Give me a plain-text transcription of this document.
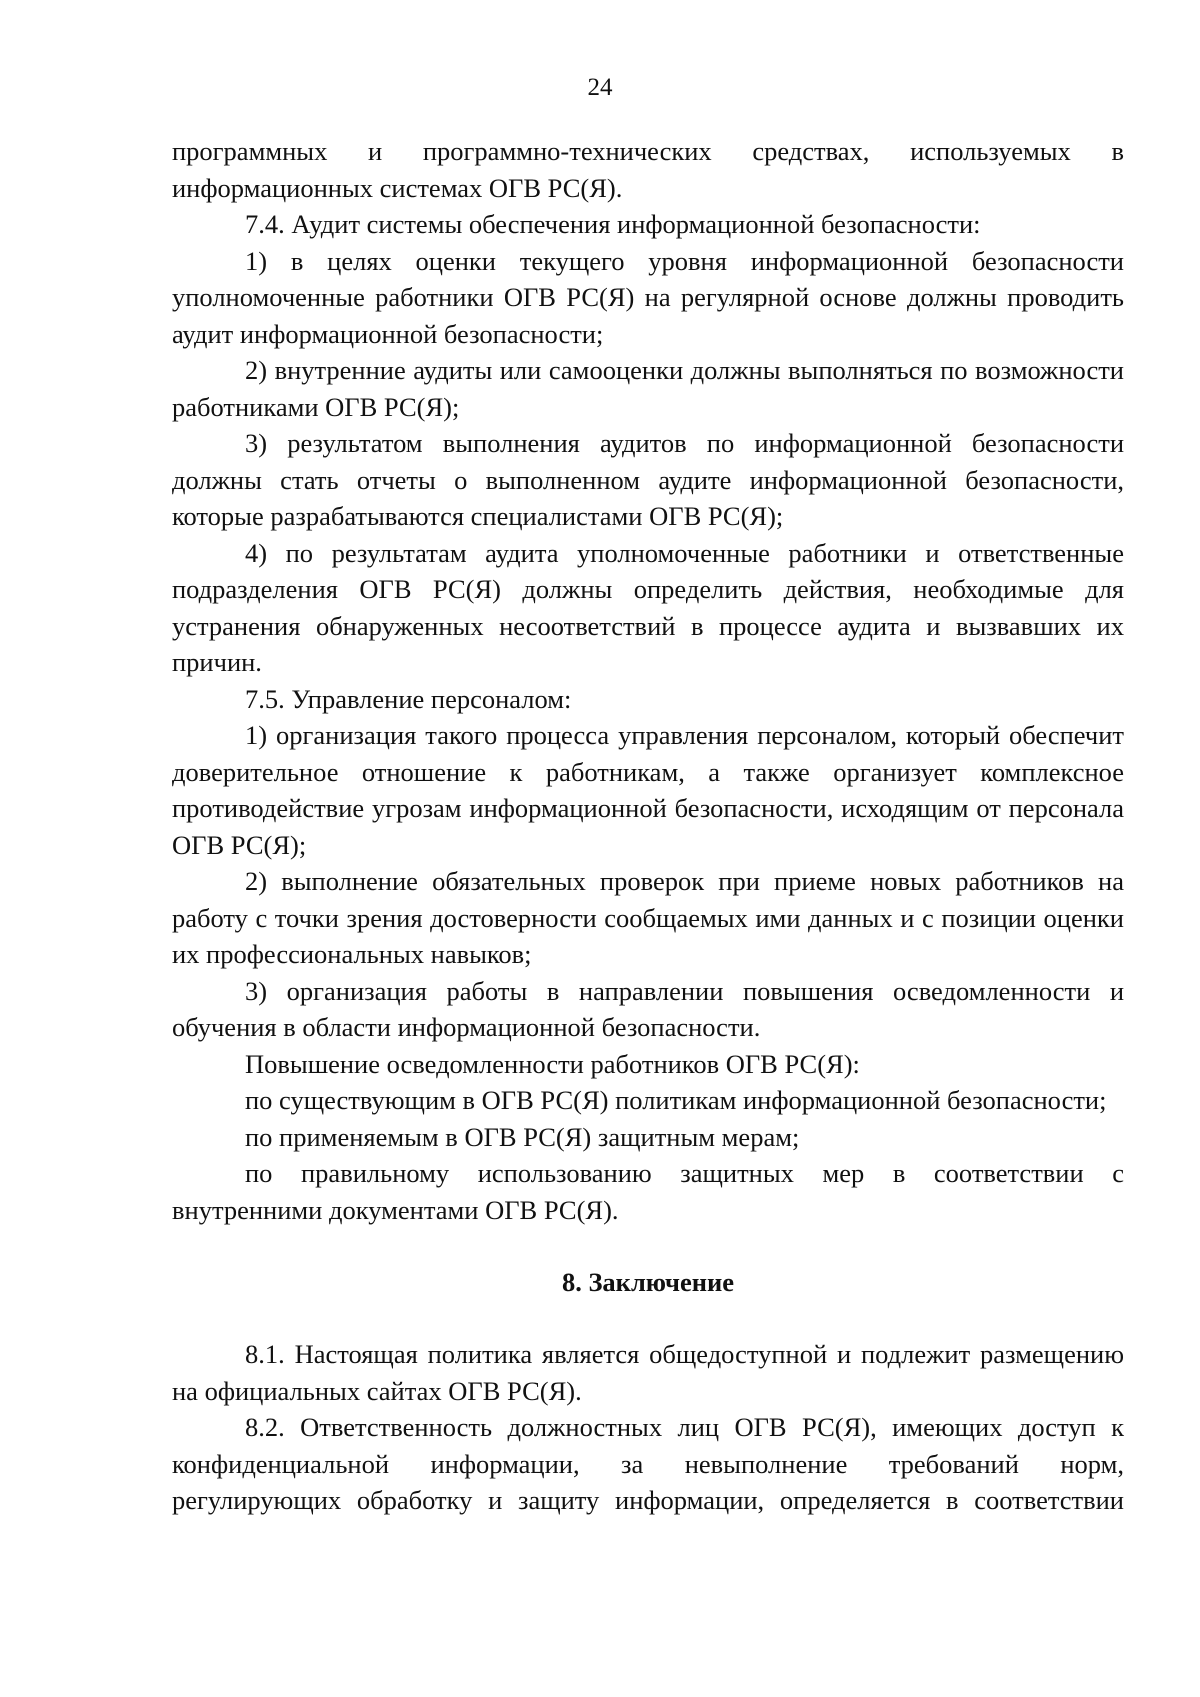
24

программных и программно-технических средствах, используемых в информационных системах ОГВ РС(Я).

7.4. Аудит системы обеспечения информационной безопасности:

1) в целях оценки текущего уровня информационной безопасности уполномоченные работники ОГВ РС(Я) на регулярной основе должны проводить аудит информационной безопасности;

2) внутренние аудиты или самооценки должны выполняться по возможности работниками ОГВ РС(Я);

3) результатом выполнения аудитов по информационной безопасности должны стать отчеты о выполненном аудите информационной безопасности, которые разрабатываются специалистами ОГВ РС(Я);

4) по результатам аудита уполномоченные работники и ответственные подразделения ОГВ РС(Я) должны определить действия, необходимые для устранения обнаруженных несоответствий в процессе аудита и вызвавших их причин.

7.5. Управление персоналом:

1) организация такого процесса управления персоналом, который обеспечит доверительное отношение к работникам, а также организует комплексное противодействие угрозам информационной безопасности, исходящим от персонала ОГВ РС(Я);

2) выполнение обязательных проверок при приеме новых работников на работу с точки зрения достоверности сообщаемых ими данных и с позиции оценки их профессиональных навыков;

3) организация работы в направлении повышения осведомленности и обучения в области информационной безопасности.

Повышение осведомленности работников ОГВ РС(Я):

по существующим в ОГВ РС(Я) политикам информационной безопасности;

по применяемым в ОГВ РС(Я) защитным мерам;

по правильному использованию защитных мер в соответствии с внутренними документами ОГВ РС(Я).

8. Заключение

8.1. Настоящая политика является общедоступной и подлежит размещению на официальных сайтах ОГВ РС(Я).

8.2. Ответственность должностных лиц ОГВ РС(Я), имеющих доступ к конфиденциальной информации, за невыполнение требований норм, регулирующих обработку и защиту информации, определяется в соответствии
